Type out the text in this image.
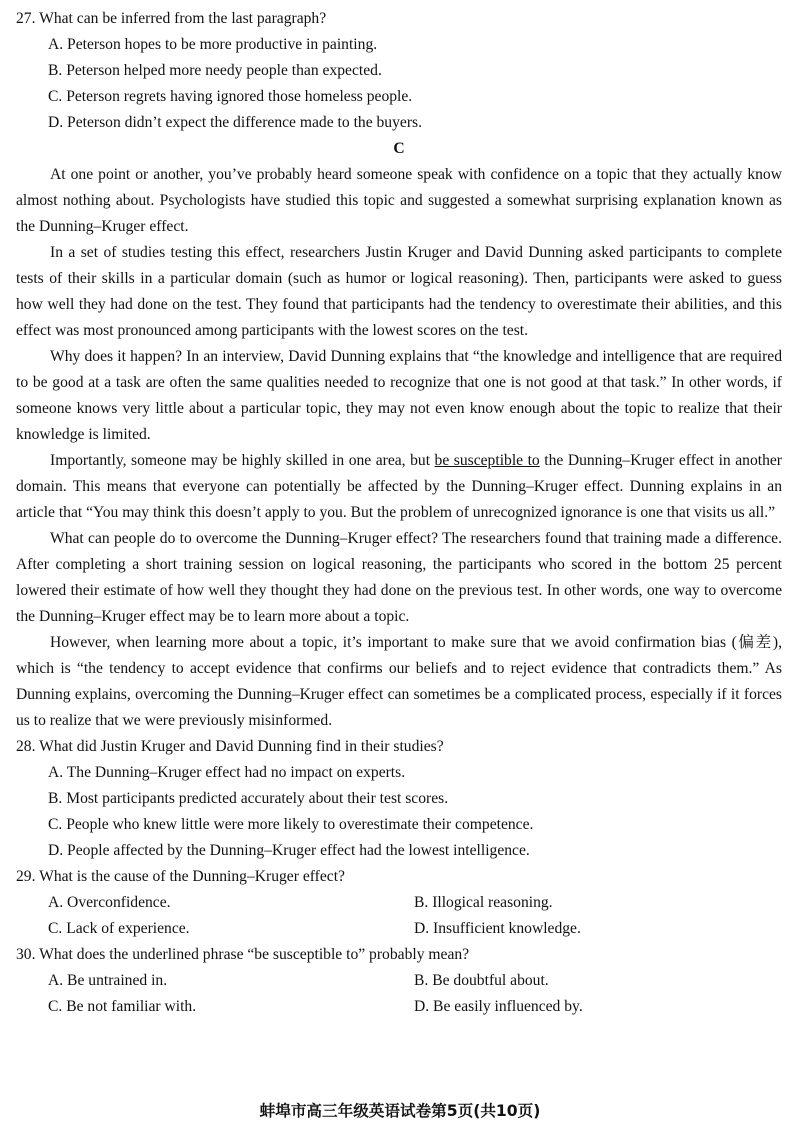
27. What can be inferred from the last paragraph?
A. Peterson hopes to be more productive in painting.
B. Peterson helped more needy people than expected.
C. Peterson regrets having ignored those homeless people.
D. Peterson didn’t expect the difference made to the buyers.
C

At one point or another, you’ve probably heard someone speak with confidence on a topic that they actually know almost nothing about. Psychologists have studied this topic and suggested a somewhat surprising explanation known as the Dunning–Kruger effect.

In a set of studies testing this effect, researchers Justin Kruger and David Dunning asked participants to complete tests of their skills in a particular domain (such as humor or logical reasoning). Then, participants were asked to guess how well they had done on the test. They found that participants had the tendency to overestimate their abilities, and this effect was most pronounced among participants with the lowest scores on the test.

Why does it happen? In an interview, David Dunning explains that “the knowledge and intelligence that are required to be good at a task are often the same qualities needed to recognize that one is not good at that task.” In other words, if someone knows very little about a particular topic, they may not even know enough about the topic to realize that their knowledge is limited.

Importantly, someone may be highly skilled in one area, but be susceptible to the Dunning–Kruger effect in another domain. This means that everyone can potentially be affected by the Dunning–Kruger effect. Dunning explains in an article that “You may think this doesn’t apply to you. But the problem of unrecognized ignorance is one that visits us all.”

What can people do to overcome the Dunning–Kruger effect? The researchers found that training made a difference. After completing a short training session on logical reasoning, the participants who scored in the bottom 25 percent lowered their estimate of how well they thought they had done on the previous test. In other words, one way to overcome the Dunning–Kruger effect may be to learn more about a topic.

However, when learning more about a topic, it’s important to make sure that we avoid confirmation bias (偏差), which is “the tendency to accept evidence that confirms our beliefs and to reject evidence that contradicts them.” As Dunning explains, overcoming the Dunning–Kruger effect can sometimes be a complicated process, especially if it forces us to realize that we were previously misinformed.

28. What did Justin Kruger and David Dunning find in their studies?
A. The Dunning–Kruger effect had no impact on experts.
B. Most participants predicted accurately about their test scores.
C. People who knew little were more likely to overestimate their competence.
D. People affected by the Dunning–Kruger effect had the lowest intelligence.
29. What is the cause of the Dunning–Kruger effect?
A. Overconfidence.	B. Illogical reasoning.
C. Lack of experience.	D. Insufficient knowledge.
30. What does the underlined phrase “be susceptible to” probably mean?
A. Be untrained in.	B. Be doubtful about.
C. Be not familiar with.	D. Be easily influenced by.
蚌埠市高三年级英语试卷第5页(共10页)
